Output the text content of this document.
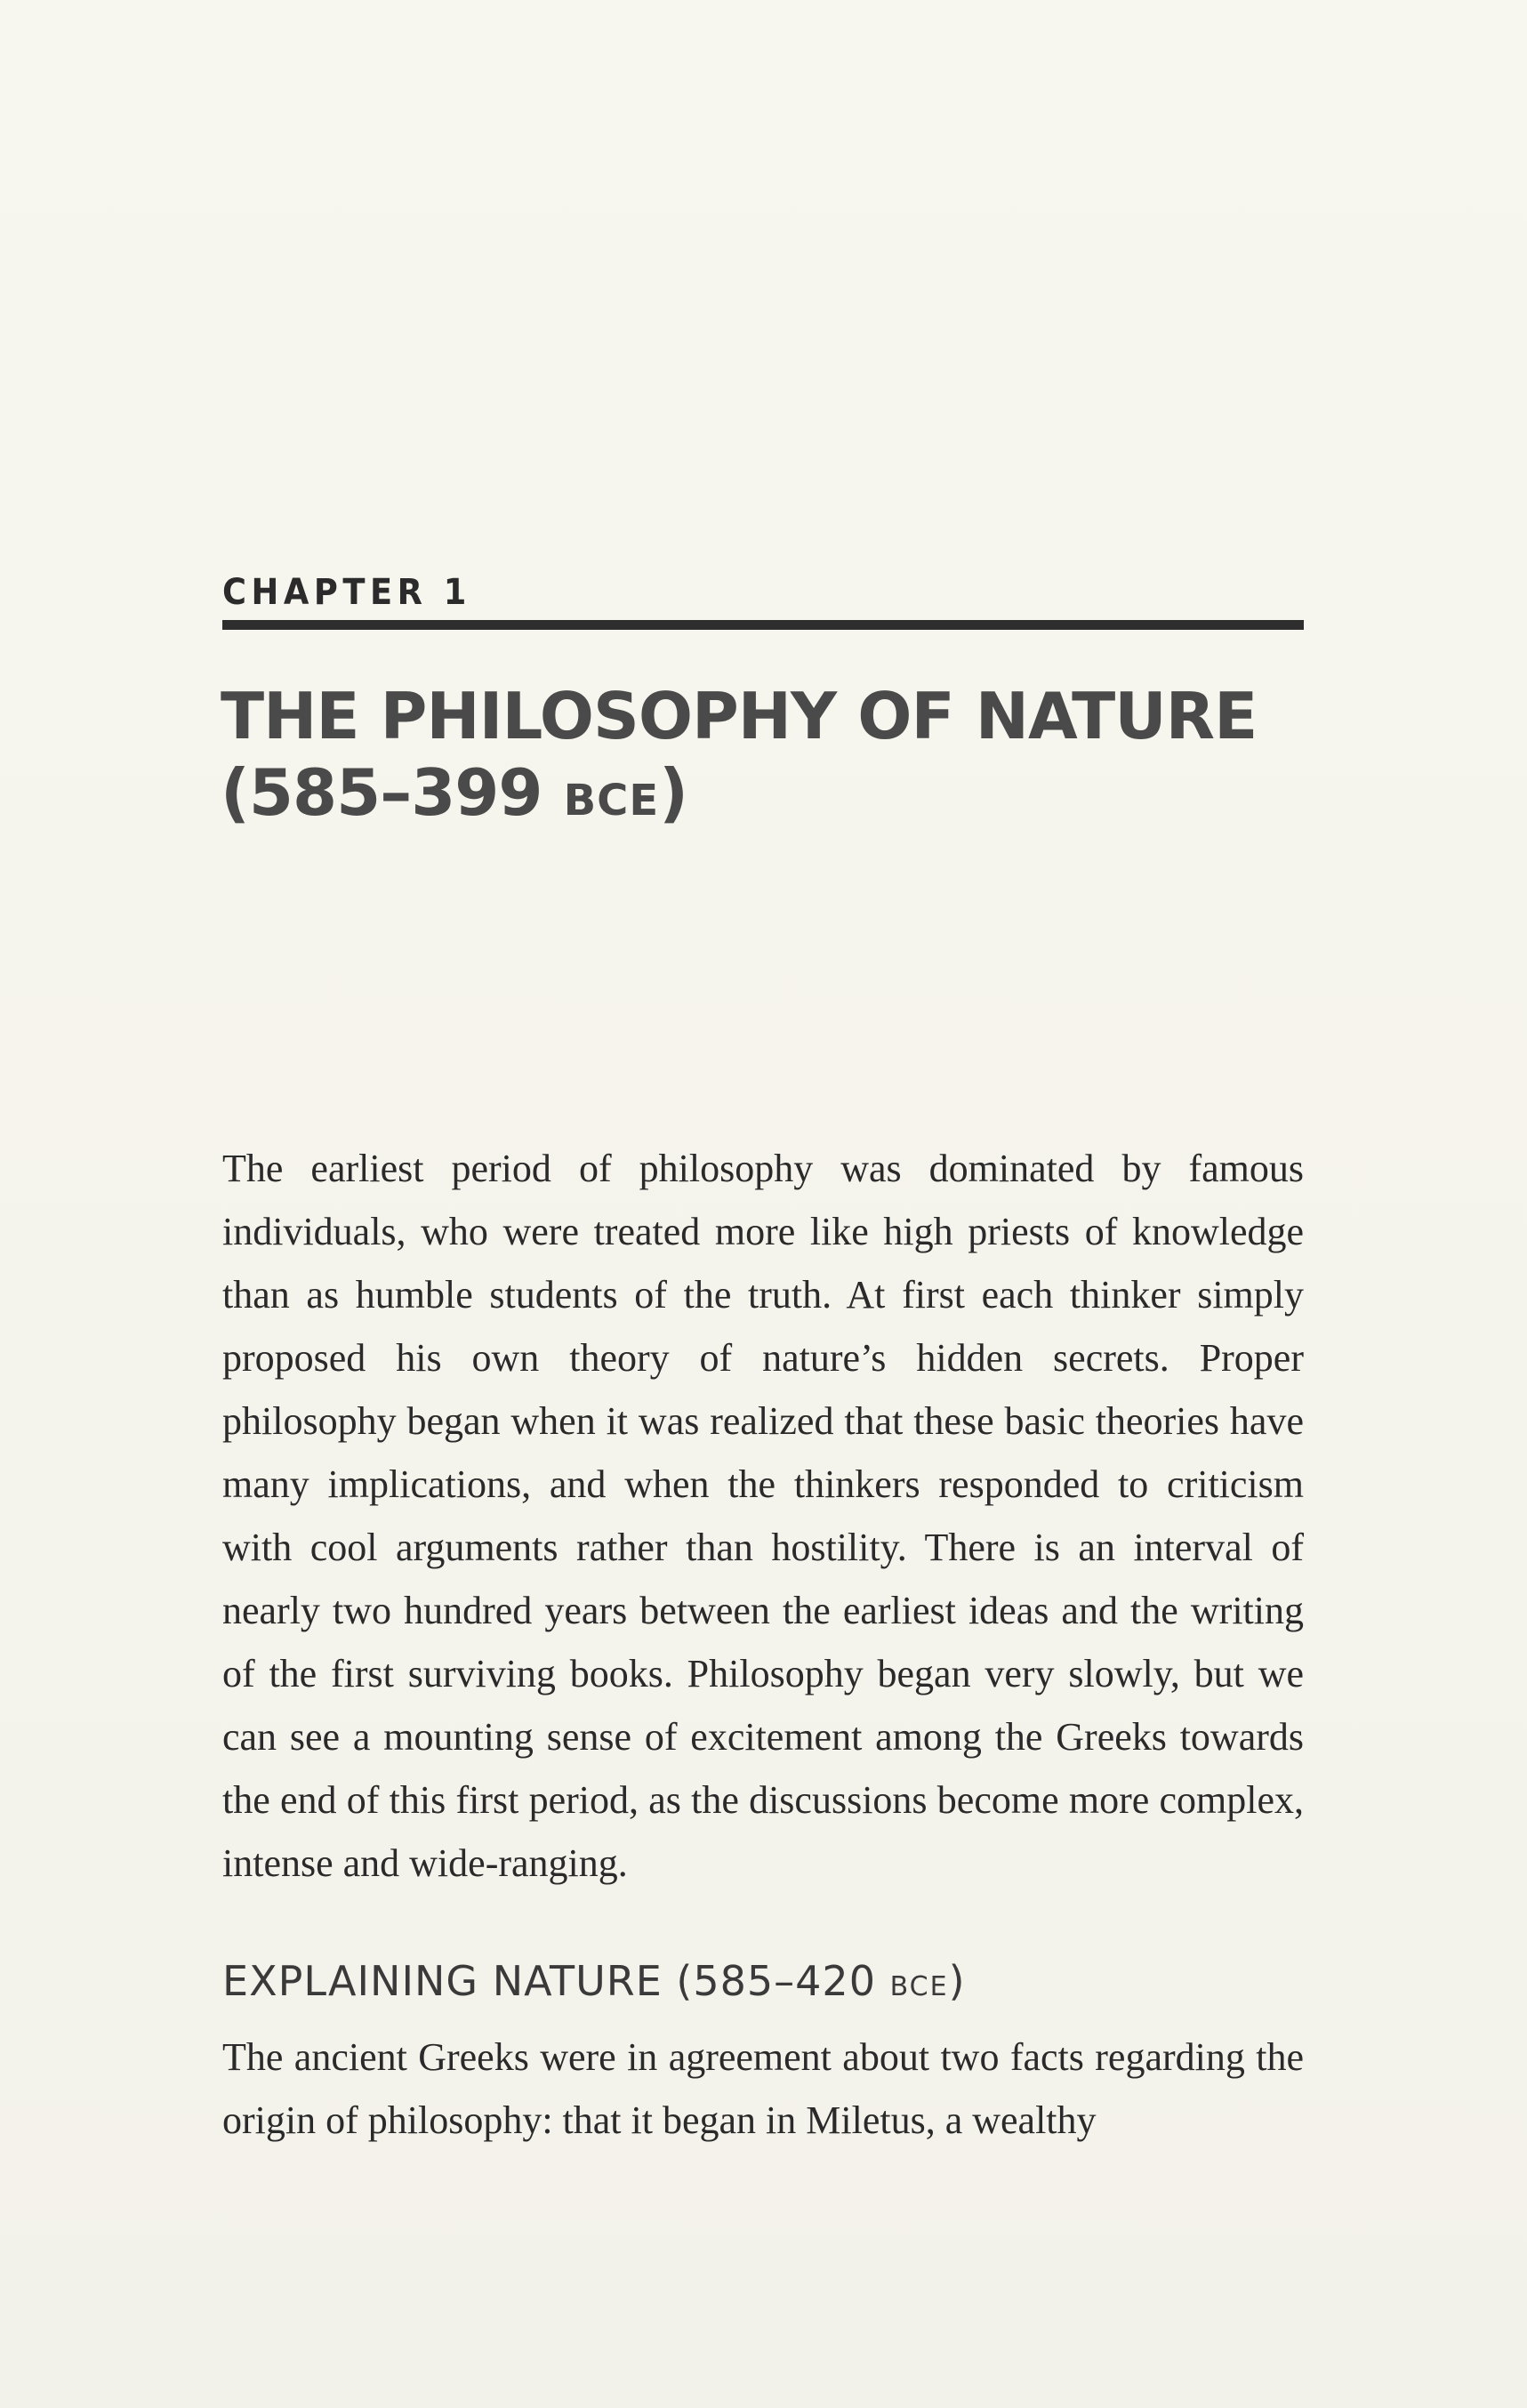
CHAPTER 1
THE PHILOSOPHY OF NATURE
(585–399 BCE)

The earliest period of philosophy was dominated by famous individuals, who were treated more like high priests of knowledge than as humble students of the truth. At first each thinker simply proposed his own theory of nature’s hidden secrets. Proper philosophy began when it was realized that these basic theories have many implications, and when the thinkers responded to criticism with cool arguments rather than hostility. There is an interval of nearly two hundred years between the earliest ideas and the writing of the first surviving books. Philosophy began very slowly, but we can see a mounting sense of excitement among the Greeks towards the end of this first period, as the discussions become more complex, intense and wide-ranging.

EXPLAINING NATURE (585–420 BCE)

The ancient Greeks were in agreement about two facts regarding the origin of philosophy: that it began in Miletus, a wealthy
